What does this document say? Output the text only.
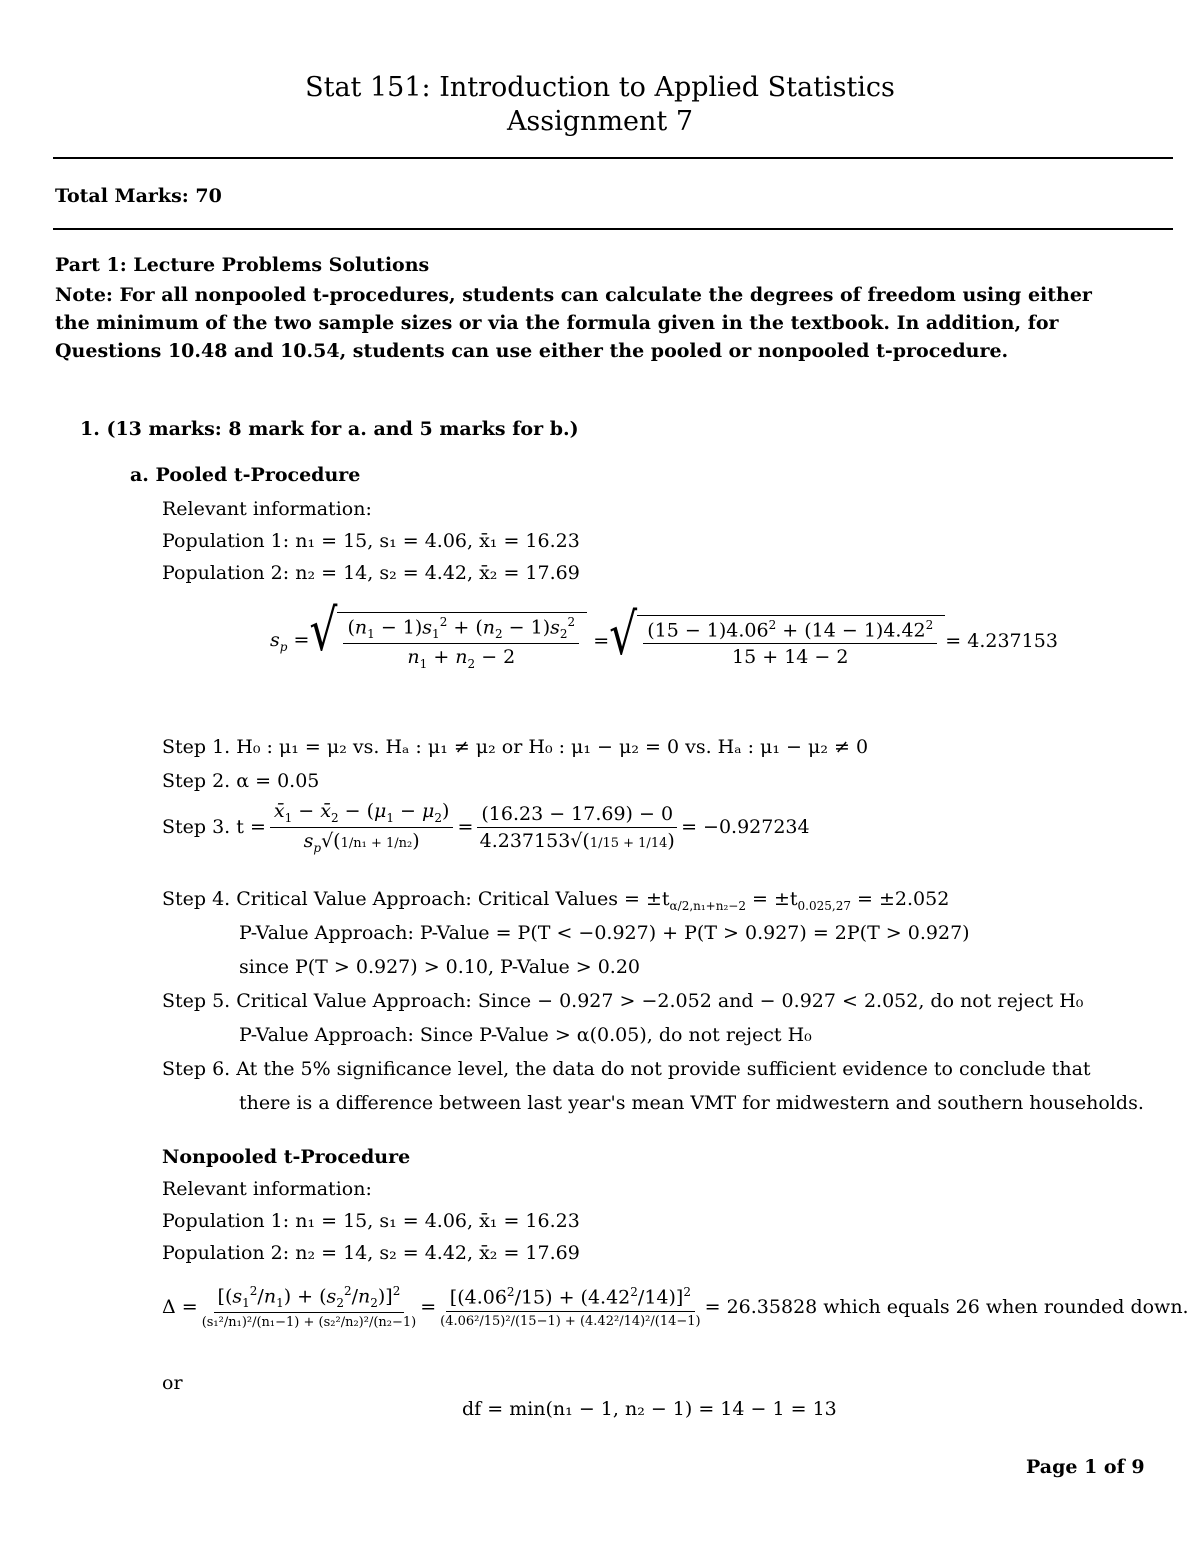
Stat 151: Introduction to Applied Statistics
Assignment 7
Total Marks: 70
Part 1: Lecture Problems Solutions
Note: For all nonpooled t-procedures, students can calculate the degrees of freedom using either
the minimum of the two sample sizes or via the formula given in the textbook. In addition, for
Questions 10.48 and 10.54, students can use either the pooled or nonpooled t-procedure.
1. (13 marks: 8 mark for a. and 5 marks for b.)
a. Pooled t-Procedure
Relevant information:
Population 1: n₁ = 15, s₁ = 4.06, x̄₁ = 16.23
Population 2: n₂ = 14, s₂ = 4.42, x̄₂ = 17.69
$s_p$ = √ $\frac{(n_1 - 1)s_1^2 + (n_2 - 1)s_2^2}{n_1 + n_2 - 2}$ = √ $\frac{(15 - 1)4.06^2 + (14 - 1)4.42^2}{15 + 14 - 2} = 4.237153$
Step 1. H₀ : μ₁ = μ₂ vs. Hₐ : μ₁ ≠ μ₂ or H₀ : μ₁ − μ₂ = 0 vs. Hₐ : μ₁ − μ₂ ≠ 0
Step 2. α = 0.05
Step 3. $t = \frac{x̄_1 - x̄_2 - (\mu_1 - \mu_2)}{s_p√(1/n_1 + 1/n_2)} = \frac{(16.23 - 17.69) - 0}{4.237153√(1/15 + 1/14)} = -0.927234$
Step 4. Critical Value Approach: Critical Values = $\pm t_{\alpha/2,n_1+n_2-2} = \pm t_{0.025,27} = \pm 2.052$
P-Value Approach: P-Value = P(T < −0.927) + P(T > 0.927) = 2P(T > 0.927)
since P(T > 0.927) > 0.10, P-Value > 0.20
Step 5. Critical Value Approach: Since − 0.927 > −2.052 and − 0.927 < 2.052, do not reject H₀
P-Value Approach: Since P-Value > α(0.05), do not reject H₀
Step 6. At the 5% significance level, the data do not provide sufficient evidence to conclude that
there is a difference between last year's mean VMT for midwestern and southern households.
Nonpooled t-Procedure
Relevant information:
Population 1: n₁ = 15, s₁ = 4.06, x̄₁ = 16.23
Population 2: n₂ = 14, s₂ = 4.42, x̄₂ = 17.69
$\Delta = \frac{[(s_1^2/n_1) + (s_2^2/n_2)]^2}{\text{(s₁²/n₁)²/(n₁−1) + (s₂²/n₂)²/(n₂−1)}} = \frac{[(4.06^2/15) + (4.42^2/14)]^2}{\text{(4.06²/15)²/(15−1) + (4.42²/14)²/(14−1)}} = 26.35828$ which equals 26 when rounded down.
or
df = min(n₁ − 1, n₂ − 1) = 14 − 1 = 13
Page 1 of 9
